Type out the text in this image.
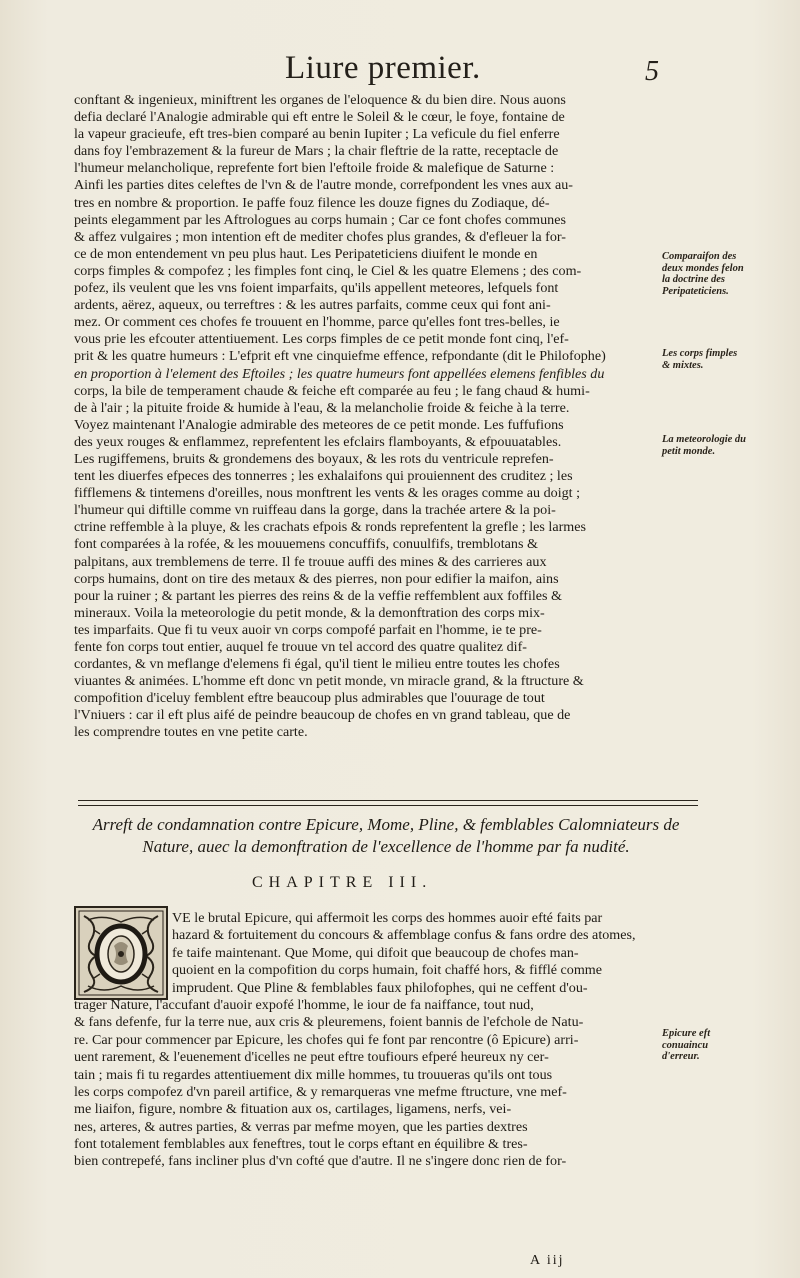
Liure premier.	5
conftant & ingenieux, miniftrent les organes de l'eloquence & du bien dire. Nous auons
defia declaré l'Analogie admirable qui eft entre le Soleil & le cœur, le foye, fontaine de
la vapeur gracieufe, eft tres-bien comparé au benin Iupiter ; La veficule du fiel enferre
dans foy l'embrazement & la fureur de Mars ; la chair fleftrie de la ratte, receptacle de
l'humeur melancholique, reprefente fort bien l'eftoile froide & malefique de Saturne :
Ainfi les parties dites celeftes de l'vn & de l'autre monde, correfpondent les vnes aux au-
tres en nombre & proportion. Ie paffe fouz filence les douze fignes du Zodiaque, dé-
peints elegamment par les Aftrologues au corps humain ; Car ce font chofes communes
& affez vulgaires ; mon intention eft de mediter chofes plus grandes, & d'efleuer la for-
ce de mon entendement vn peu plus haut. Les Peripateticiens diuifent le monde en
corps fimples & compofez ; les fimples font cinq, le Ciel & les quatre Elemens ; des com-
pofez, ils veulent que les vns foient imparfaits, qu'ils appellent meteores, lefquels font
ardents, aërez, aqueux, ou terreftres : & les autres parfaits, comme ceux qui font ani-
mez. Or comment ces chofes fe trouuent en l'homme, parce qu'elles font tres-belles, ie
vous prie les efcouter attentiuement. Les corps fimples de ce petit monde font cinq, l'ef-
prit & les quatre humeurs : L'efprit eft vne cinquiefme effence, refpondante (dit le Philofophe)
en proportion à l'element des Eftoiles ; les quatre humeurs font appellées elemens fenfibles du
corps, la bile de temperament chaude & feiche eft comparée au feu ; le fang chaud & humi-
de à l'air ; la pituite froide & humide à l'eau, & la melancholie froide & feiche à la terre.
Voyez maintenant l'Analogie admirable des meteores de ce petit monde. Les fuffufions
des yeux rouges & enflammez, reprefentent les efclairs flamboyants, & efpouuatables.
Les rugiffemens, bruits & grondemens des boyaux, & les rots du ventricule reprefen-
tent les diuerfes efpeces des tonnerres ; les exhalaifons qui prouiennent des cruditez ; les
fifflemens & tintemens d'oreilles, nous monftrent les vents & les orages comme au doigt ;
l'humeur qui diftille comme vn ruiffeau dans la gorge, dans la trachée artere & la poi-
ctrine reffemble à la pluye, & les crachats efpois & ronds reprefentent la grefle ; les larmes
font comparées à la rofée, & les mouuemens concuffifs, conuulfifs, tremblotans &
palpitans, aux tremblemens de terre. Il fe trouue auffi des mines & des carrieres aux
corps humains, dont on tire des metaux & des pierres, non pour edifier la maifon, ains
pour la ruiner ; & partant les pierres des reins & de la veffie reffemblent aux foffiles &
mineraux. Voila la meteorologie du petit monde, & la demonftration des corps mix-
tes imparfaits. Que fi tu veux auoir vn corps compofé parfait en l'homme, ie te pre-
fente fon corps tout entier, auquel fe trouue vn tel accord des quatre qualitez dif-
cordantes, & vn meflange d'elemens fi égal, qu'il tient le milieu entre toutes les chofes
viuantes & animées. L'homme eft donc vn petit monde, vn miracle grand, & la ftructure &
compofition d'iceluy femblent eftre beaucoup plus admirables que l'ouurage de tout
l'Vniuers : car il eft plus aifé de peindre beaucoup de chofes en vn grand tableau, que de
les comprendre toutes en vne petite carte.
Comparaifon des deux mondes felon la doctrine des Peripateticiens.
Les corps fimples & mixtes.
La meteorologie du petit monde.
Arreft de condamnation contre Epicure, Mome, Pline, & femblables Calomniateurs de
Nature, auec la demonftration de l'excellence de l'homme par fa nudité.
CHAPITRE III.
VE le brutal Epicure, qui affermoit les corps des hommes auoir efté faits par
hazard & fortuitement du concours & affemblage confus & fans ordre des atomes,
fe taife maintenant. Que Mome, qui difoit que beaucoup de chofes man-
quoient en la compofition du corps humain, foit chaffé hors, & fifflé comme
imprudent. Que Pline & femblables faux philofophes, qui ne ceffent d'ou-
trager Nature, l'accufant d'auoir expofé l'homme, le iour de fa naiffance, tout nud,
& fans defenfe, fur la terre nue, aux cris & pleuremens, foient bannis de l'efchole de Natu-
re. Car pour commencer par Epicure, les chofes qui fe font par rencontre (ô Epicure) arri-
uent rarement, & l'euenement d'icelles ne peut eftre toufiours efperé heureux ny cer-
tain ; mais fi tu regardes attentiuement dix mille hommes, tu trouueras qu'ils ont tous
les corps compofez d'vn pareil artifice, & y remarqueras vne mefme ftructure, vne mef-
me liaifon, figure, nombre & fituation aux os, cartilages, ligamens, nerfs, vei-
nes, arteres, & autres parties, & verras par mefme moyen, que les parties dextres
font totalement femblables aux feneftres, tout le corps eftant en équilibre & tres-
bien contrepefé, fans incliner plus d'vn cofté que d'autre. Il ne s'ingere donc rien de for-
Epicure eft conuaincu d'erreur.
A iij
